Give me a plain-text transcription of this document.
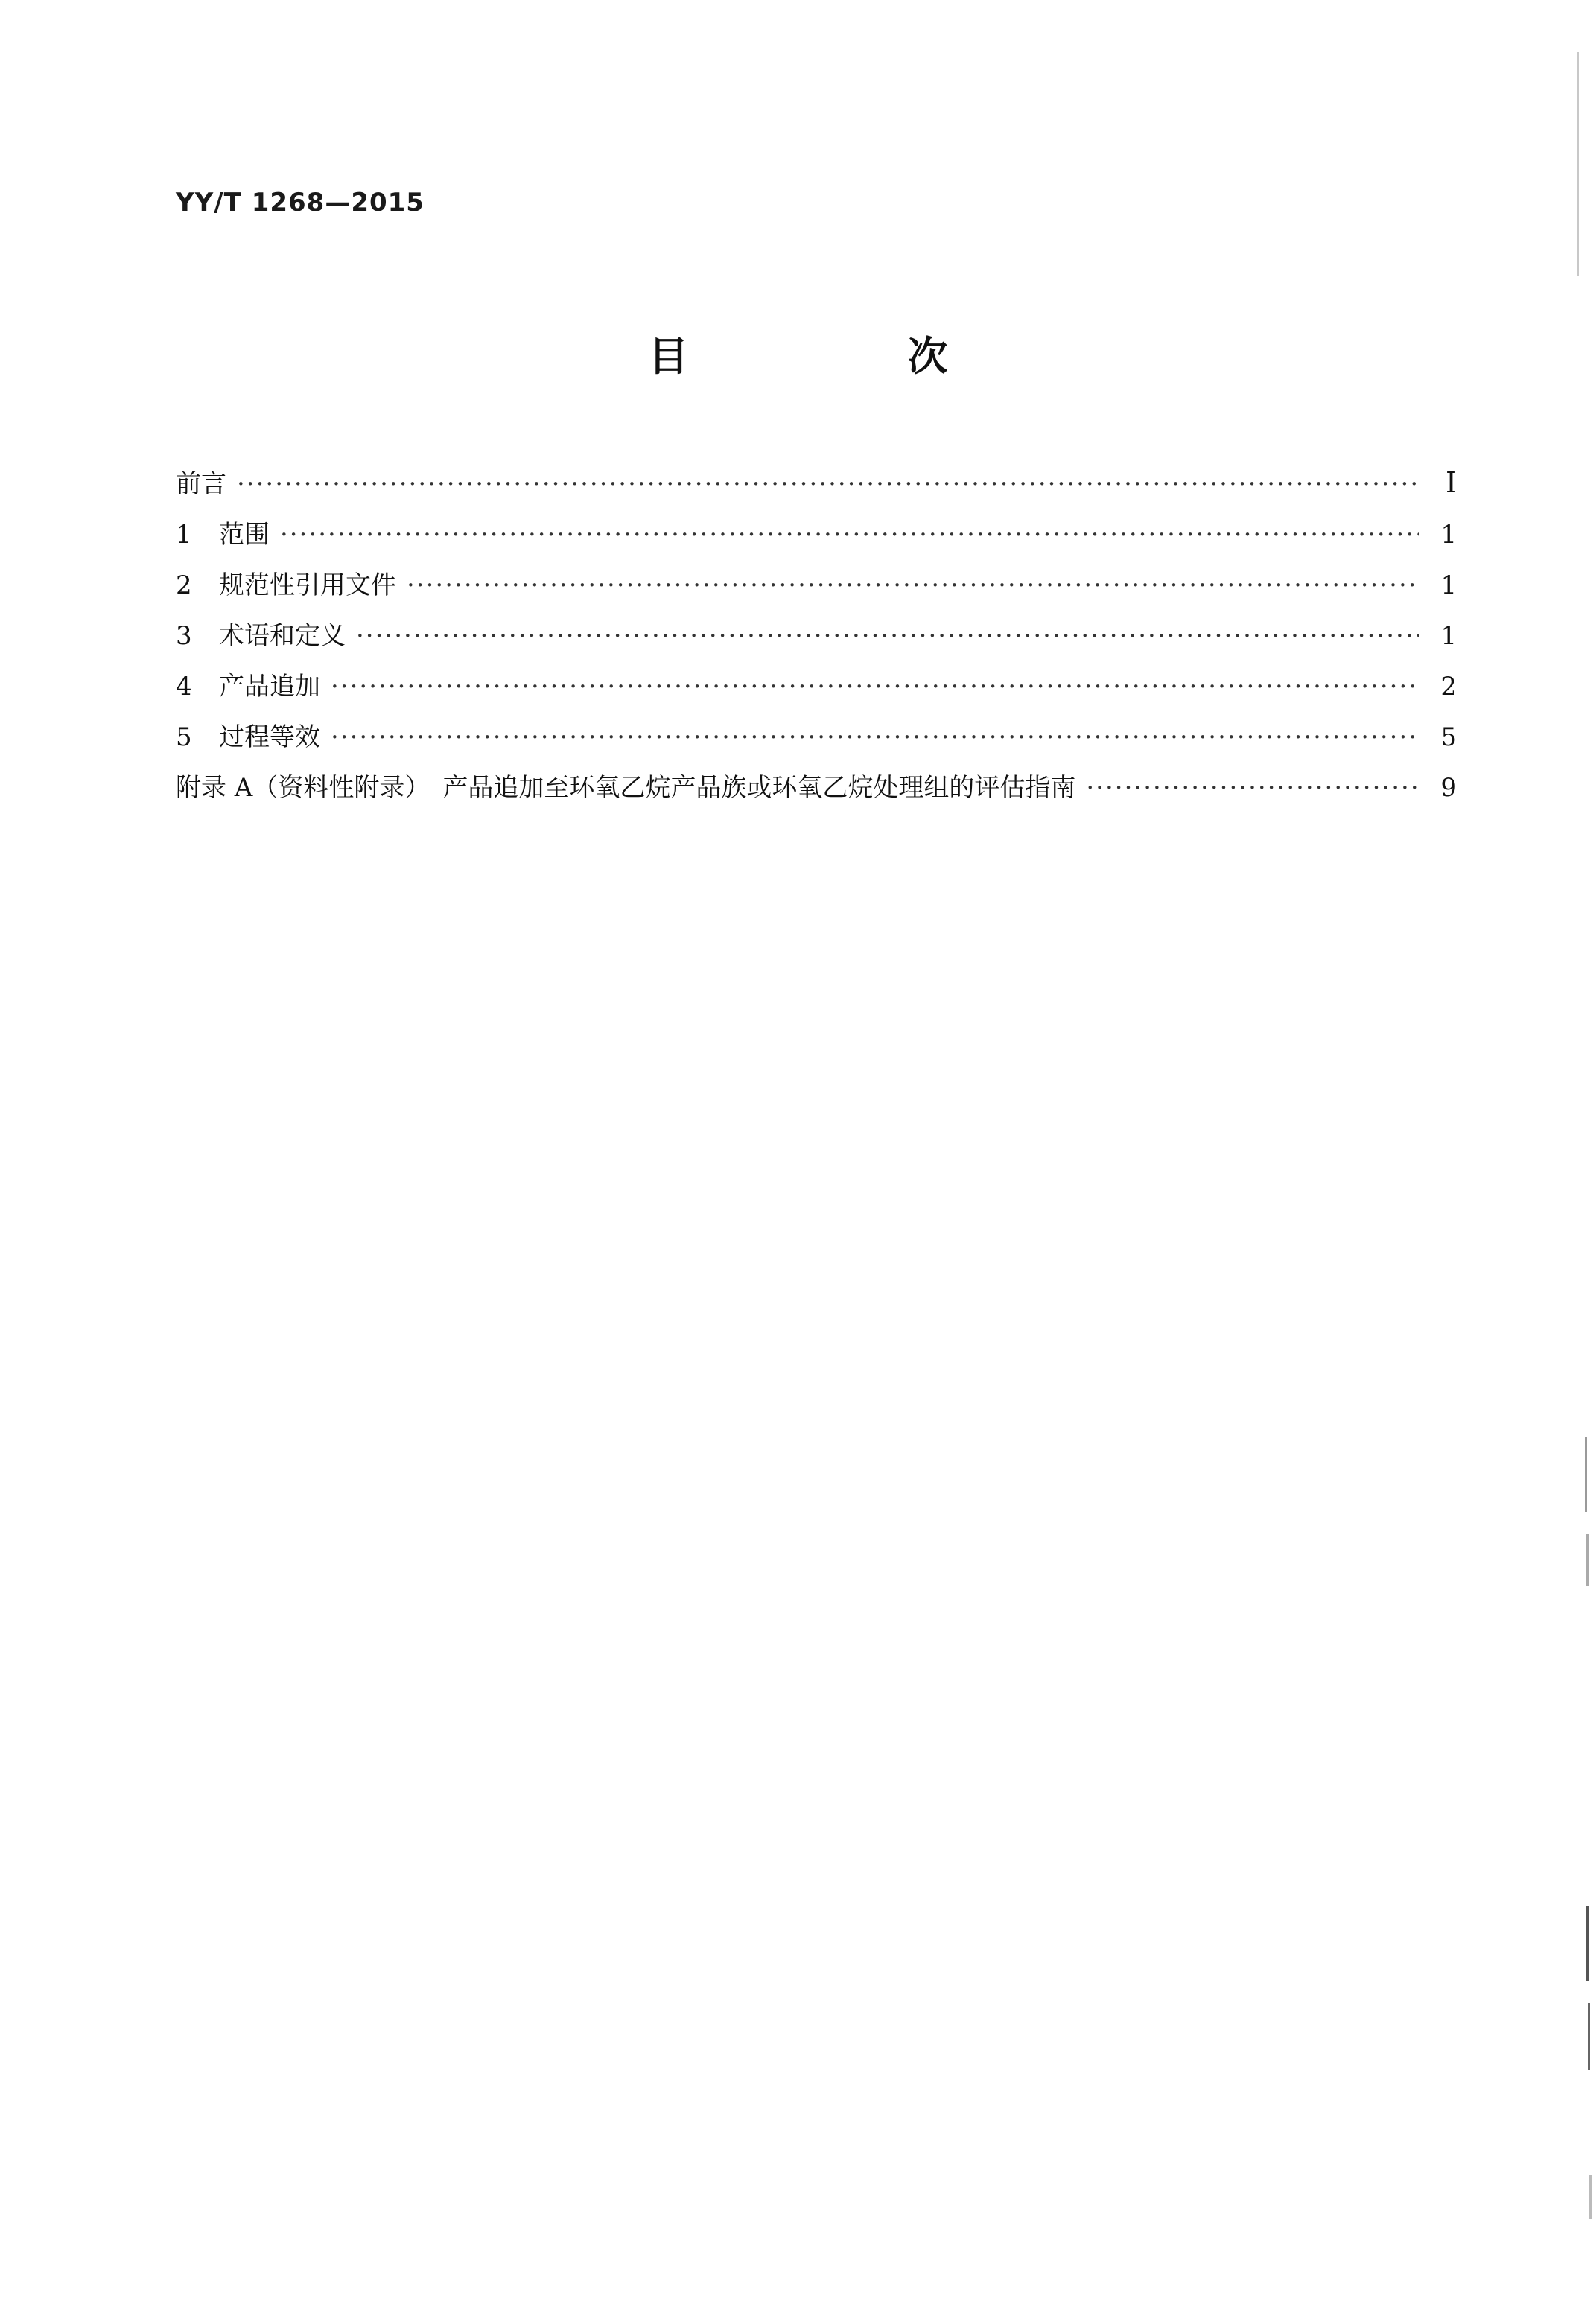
YY/T 1268—2015
目　次
前言 ·····	Ⅰ
1	范围 ·····	1
2	规范性引用文件 ·····	1
3	术语和定义 ·····	1
4	产品追加 ·····	2
5	过程等效 ·····	5
附录 A（资料性附录）　产品追加至环氧乙烷产品族或环氧乙烷处理组的评估指南 ·····	9
